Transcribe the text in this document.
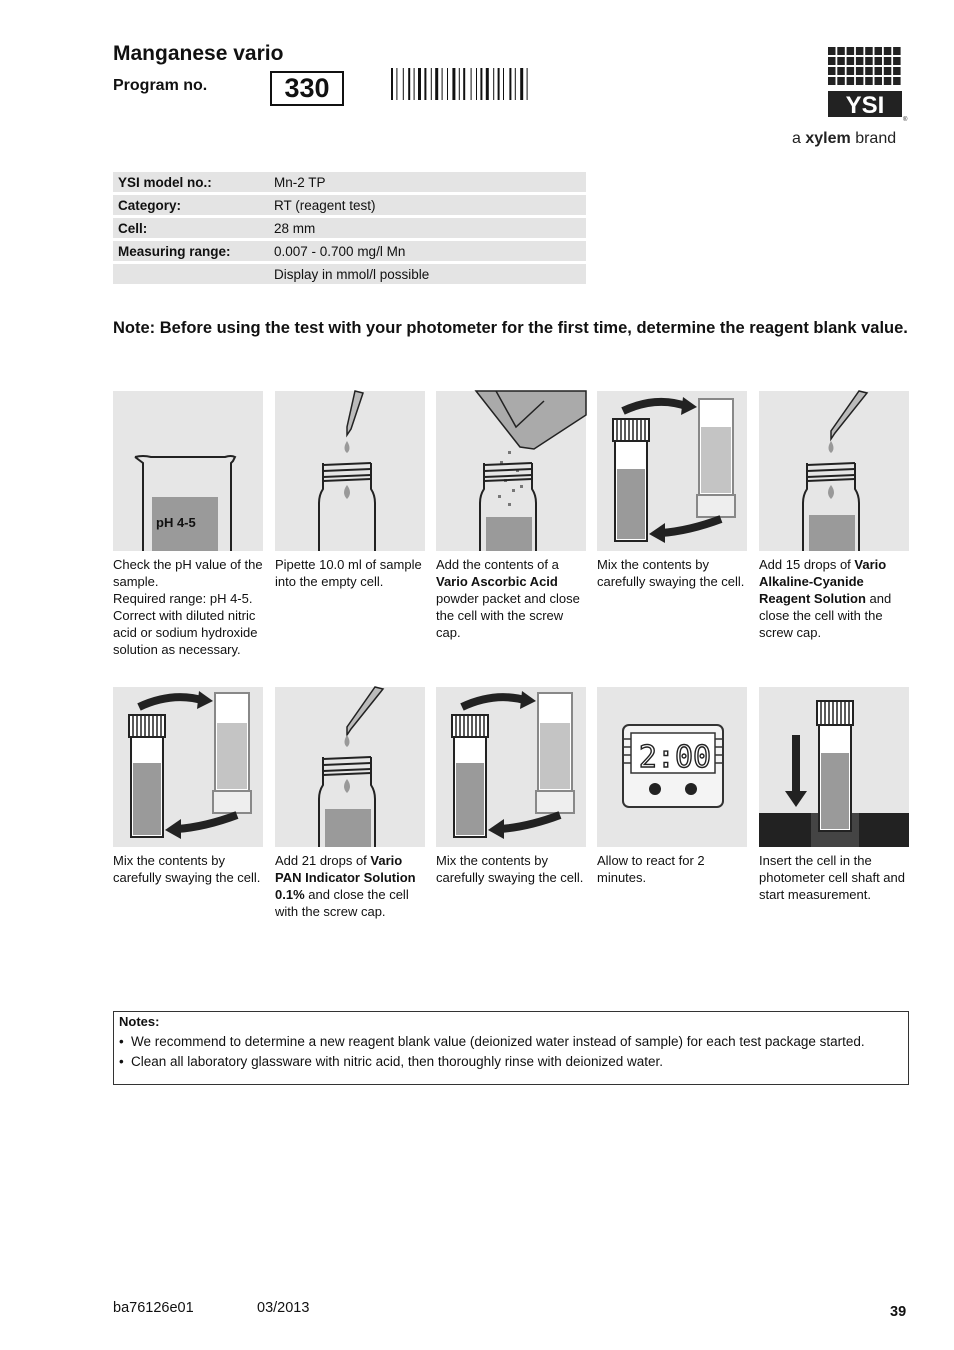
Manganese vario
Program no.	330
YSI
®
a xylem brand
YSI model no.:	Mn-2 TP
Category:	RT (reagent test)
Cell:	28 mm
Measuring range:	0.007 - 0.700 mg/l Mn
	Display in mmol/l possible
Note: Before using the test with your photometer for the first time, determine the reagent blank value.
pH 4-5
Check the pH value of the sample.
Required range: pH 4-5.
Correct with diluted nitric acid or sodium hydroxide solution as necessary.
Pipette 10.0 ml of sample into the empty cell.
Add the contents of a Vario Ascorbic Acid powder packet and close the cell with the screw cap.
Mix the contents by carefully swaying the cell.
Add 15 drops of Vario Alkaline-Cyanide Reagent Solution and close the cell with the screw cap.
Mix the contents by carefully swaying the cell.
Add 21 drops of Vario PAN Indicator Solution 0.1% and close the cell with the screw cap.
Mix the contents by carefully swaying the cell.
2:00
Allow to react for 2 minutes.
Insert the cell in the photometer cell shaft and start measurement.
Notes:
• We recommend to determine a new reagent blank value (deionized water instead of sample) for each test package started.
• Clean all laboratory glassware with nitric acid, then thoroughly rinse with deionized water.
ba76126e01	03/2013	39
